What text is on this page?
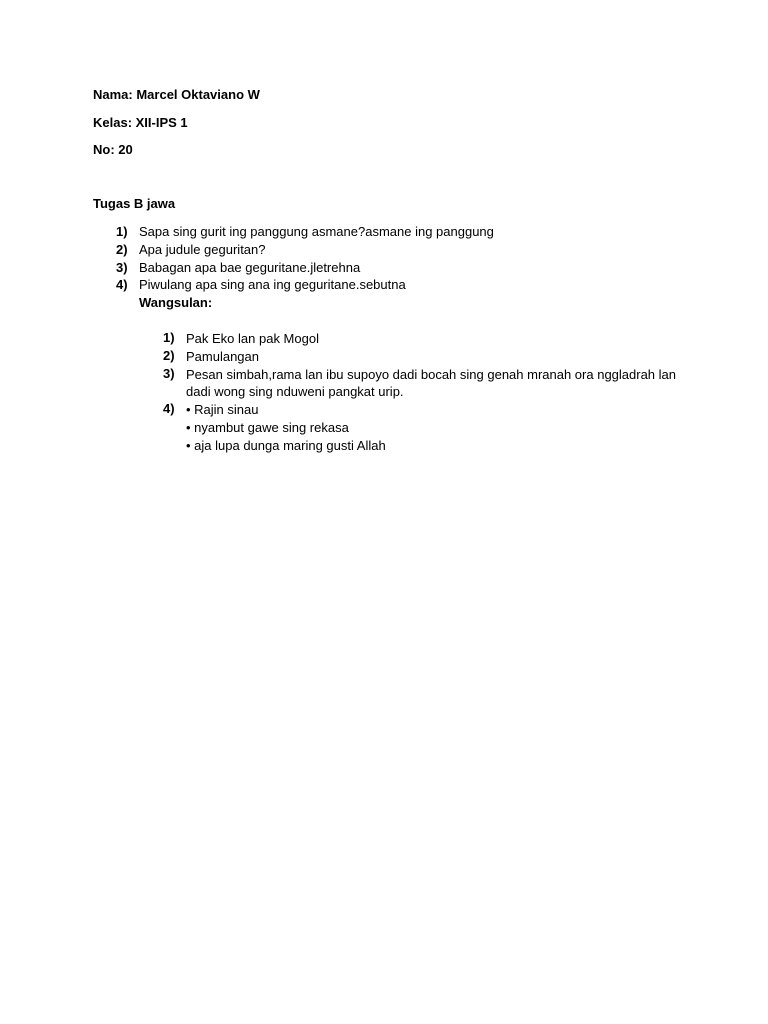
Nama: Marcel Oktaviano W
Kelas: XII-IPS 1
No: 20
Tugas B jawa
1) Sapa sing gurit ing panggung asmane?asmane ing panggung
2) Apa judule geguritan?
3) Babagan apa bae geguritane.jletrehna
4) Piwulang apa sing ana ing geguritane.sebutna
Wangsulan:
1) Pak Eko lan pak Mogol
2) Pamulangan
3) Pesan simbah,rama lan ibu supoyo dadi bocah sing genah mranah ora nggladrah lan dadi wong sing nduweni pangkat urip.
4) • Rajin sinau
• nyambut gawe sing rekasa
• aja lupa dunga maring gusti Allah
